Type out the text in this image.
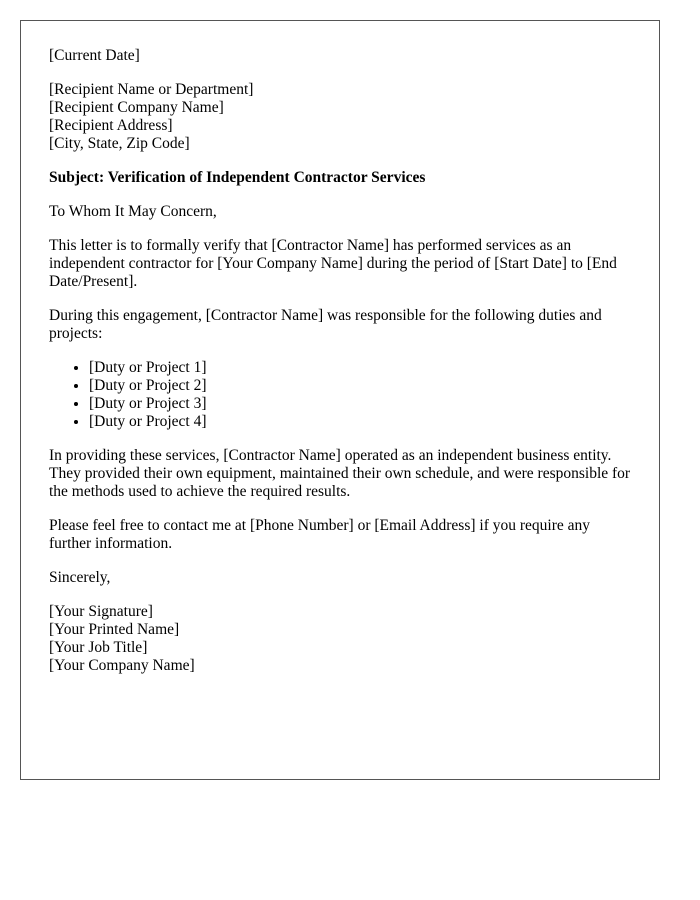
[Current Date]
[Recipient Name or Department]
[Recipient Company Name]
[Recipient Address]
[City, State, Zip Code]
Subject: Verification of Independent Contractor Services

To Whom It May Concern,

This letter is to formally verify that [Contractor Name] has performed services as an independent contractor for [Your Company Name] during the period of [Start Date] to [End Date/Present].

During this engagement, [Contractor Name] was responsible for the following duties and projects:

• [Duty or Project 1]
• [Duty or Project 2]
• [Duty or Project 3]
• [Duty or Project 4]

In providing these services, [Contractor Name] operated as an independent business entity. They provided their own equipment, maintained their own schedule, and were responsible for the methods used to achieve the required results.

Please feel free to contact me at [Phone Number] or [Email Address] if you require any further information.

Sincerely,

[Your Signature]
[Your Printed Name]
[Your Job Title]
[Your Company Name]
